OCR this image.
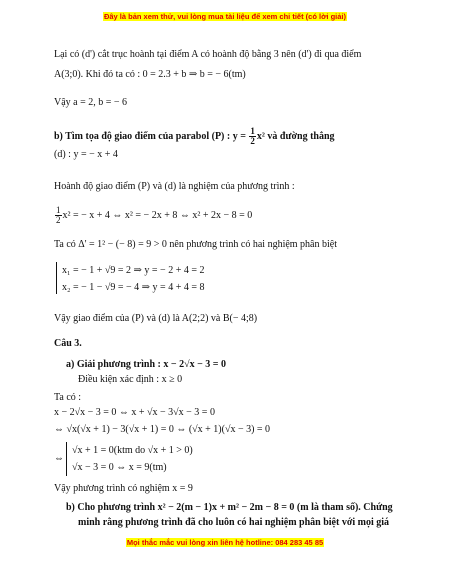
Đây là bản xem thử, vui lòng mua tài liệu để xem chi tiết (có lời giải)
Lại có (d') cắt trục hoành tại điểm A có hoành độ bằng 3 nên (d') đi qua điểm
A(3;0). Khi đó ta có : 0 = 2.3 + b ⇒ b = − 6(tm)
Vậy a = 2, b = − 6
b) Tìm tọa độ giao điểm của parabol (P) : $y = \frac{1}{2} x^2$ và đường thẳng
(d) : y = − x + 4
Hoành độ giao điểm (P) và (d) là nghiệm của phương trình :
$\frac{1}{2} x^2$ = − x + 4 ⇔ x² = − 2x + 8 ⇔ x² + 2x − 8 = 0
Ta có Δ' = 1² − (− 8) = 9 > 0 nên phương trình có hai nghiệm phân biệt
x₁ = − 1 + √9 = 2 ⇒ y = − 2 + 4 = 2
x₂ = − 1 − √9 = − 4 ⇒ y = 4 + 4 = 8
Vậy giao điểm của (P) và (d) là A(2;2) và B(− 4;8)
Câu 3.
a) Giải phương trình : x − 2√x − 3 = 0
Điều kiện xác định : x ≥ 0
Ta có :
x − 2√x − 3 = 0 ⇔ x + √x − 3√x − 3 = 0
⇔ √x(√x + 1) − 3(√x + 1) = 0 ⇔ (√x + 1)(√x − 3) = 0
⇔
√x + 1 = 0(ktm do √x + 1 > 0)
√x − 3 = 0 ⇔ x = 9(tm)
Vậy phương trình có nghiệm x = 9
b) Cho phương trình x² − 2(m − 1)x + m² − 2m − 8 = 0 (m là tham số). Chứng
minh rằng phương trình đã cho luôn có hai nghiệm phân biệt với mọi giá
Mọi thắc mắc vui lòng xin liên hệ hotline: 084 283 45 85
